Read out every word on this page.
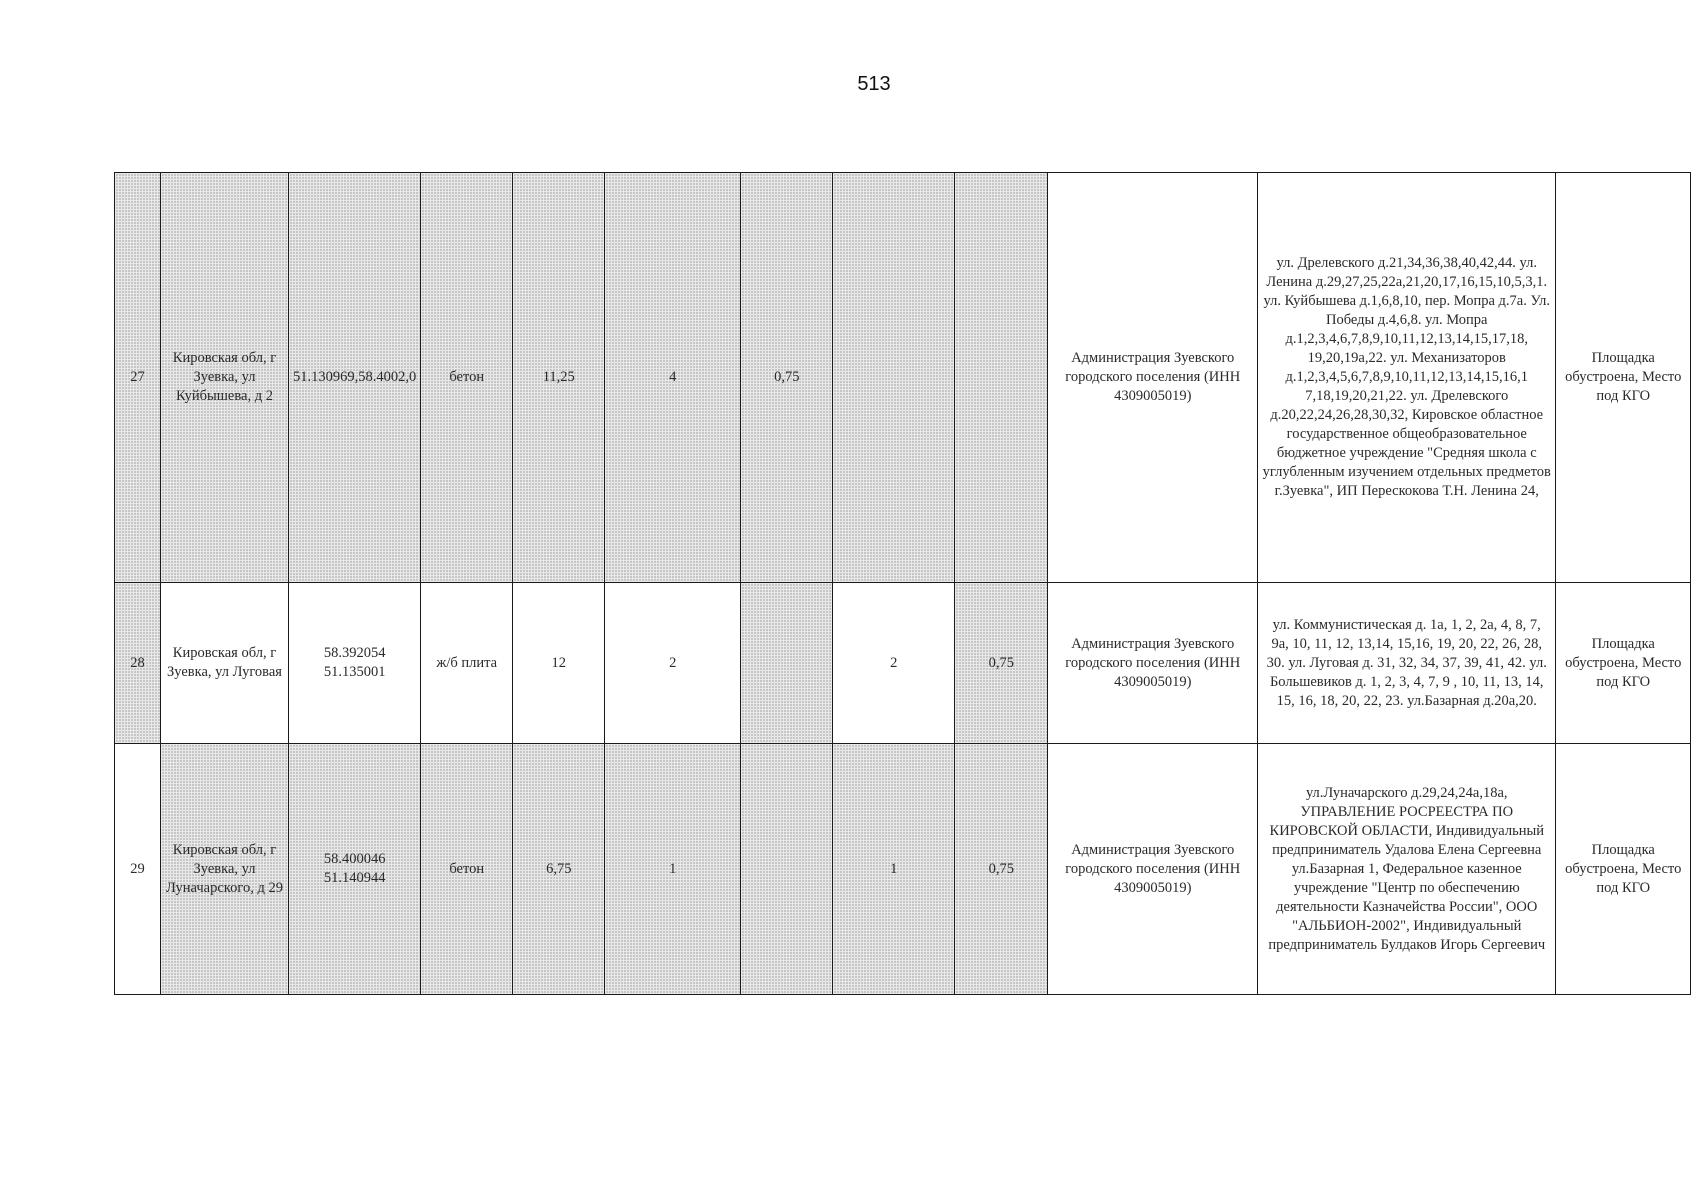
513
27	Кировская обл, г Зуевка, ул Куйбышева, д 2	51.130969,58.4002,0	бетон	11,25	4	0,75			Администрация Зуевского городского поселения (ИНН 4309005019)	ул. Дрелевского д.21,34,36,38,40,42,44. ул. Ленина д.29,27,25,22а,21,20,17,16,15,10,5,3,1. ул. Куйбышева д.1,6,8,10, пер. Мопра д.7а. Ул. Победы д.4,6,8. ул. Мопра д.1,2,3,4,6,7,8,9,10,11,12,13,14,15,17,18, 19,20,19а,22. ул. Механизаторов д.1,2,3,4,5,6,7,8,9,10,11,12,13,14,15,16,1 7,18,19,20,21,22. ул. Дрелевского д.20,22,24,26,28,30,32, Кировское областное государственное общеобразовательное бюджетное учреждение "Средняя школа с углубленным изучением отдельных предметов г.Зуевка", ИП Перескокова Т.Н. Ленина 24,	Площадка обустроена, Место под КГО
28	Кировская обл, г Зуевка, ул Луговая	58.392054 51.135001	ж/б плита	12	2		2	0,75	Администрация Зуевского городского поселения (ИНН 4309005019)	ул. Коммунистическая д. 1а, 1, 2, 2а, 4, 8, 7, 9а, 10, 11, 12, 13,14, 15,16, 19, 20, 22, 26, 28, 30. ул. Луговая д. 31, 32, 34, 37, 39, 41, 42. ул. Большевиков д. 1, 2, 3, 4, 7, 9 , 10, 11, 13, 14, 15, 16, 18, 20, 22, 23. ул.Базарная д.20а,20.	Площадка обустроена, Место под КГО
29	Кировская обл, г Зуевка, ул Луначарского, д 29	58.400046 51.140944	бетон	6,75	1		1	0,75	Администрация Зуевского городского поселения (ИНН 4309005019)	ул.Луначарского д.29,24,24а,18а, УПРАВЛЕНИЕ РОСРЕЕСТРА ПО КИРОВСКОЙ ОБЛАСТИ, Индивидуальный предприниматель Удалова Елена Сергеевна ул.Базарная 1, Федеральное казенное учреждение "Центр по обеспечению деятельности Казначейства России", ООО "АЛЬБИОН-2002", Индивидуальный предприниматель Булдаков Игорь Сергеевич	Площадка обустроена, Место под КГО
